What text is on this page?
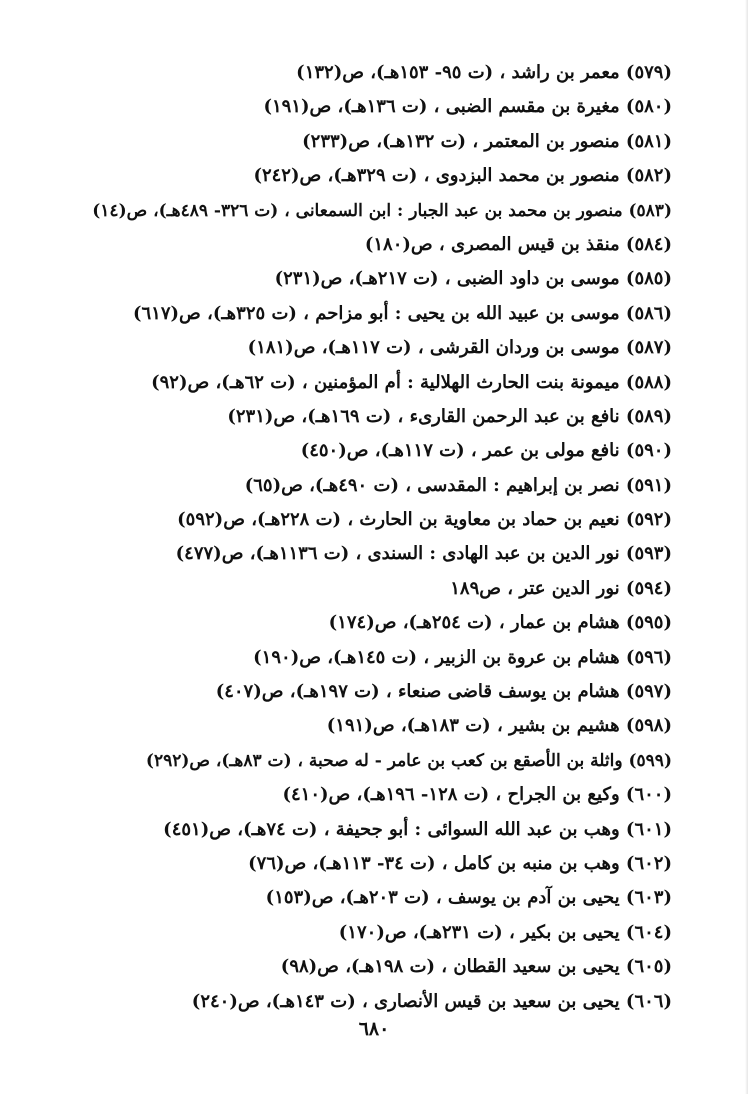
(٥٧٩) معمر بن راشد ، (ت ٩٥- ١٥٣هـ)، ص(١٣٢)
(٥٨٠) مغيرة بن مقسم الضبى ، (ت ١٣٦هـ)، ص(١٩١)
(٥٨١) منصور بن المعتمر ، (ت ١٣٢هـ)، ص(٢٣٣)
(٥٨٢) منصور بن محمد البزدوى ، (ت ٣٢٩هـ)، ص(٢٤٢)
(٥٨٣) منصور بن محمد بن عبد الجبار : ابن السمعانى ، (ت ٣٢٦- ٤٨٩هـ)، ص(١٤)
(٥٨٤) منقذ بن قيس المصرى ، ص(١٨٠)
(٥٨٥) موسى بن داود الضبى ، (ت ٢١٧هـ)، ص(٢٣١)
(٥٨٦) موسى بن عبيد الله بن يحيى : أبو مزاحم ، (ت ٣٢٥هـ)، ص(٦١٧)
(٥٨٧) موسى بن وردان القرشى ، (ت ١١٧هـ)، ص(١٨١)
(٥٨٨) ميمونة بنت الحارث الهلالية : أم المؤمنين ، (ت ٦٢هـ)، ص(٩٢)
(٥٨٩) نافع بن عبد الرحمن القارىء ، (ت ١٦٩هـ)، ص(٢٣١)
(٥٩٠) نافع مولى بن عمر ، (ت ١١٧هـ)، ص(٤٥٠)
(٥٩١) نصر بن إبراهيم : المقدسى ، (ت ٤٩٠هـ)، ص(٦٥)
(٥٩٢) نعيم بن حماد بن معاوية بن الحارث ، (ت ٢٢٨هـ)، ص(٥٩٢)
(٥٩٣) نور الدين بن عبد الهادى : السندى ، (ت ١١٣٦هـ)، ص(٤٧٧)
(٥٩٤) نور الدين عتر ، ص١٨٩
(٥٩٥) هشام بن عمار ، (ت ٢٥٤هـ)، ص(١٧٤)
(٥٩٦) هشام بن عروة بن الزبير ، (ت ١٤٥هـ)، ص(١٩٠)
(٥٩٧) هشام بن يوسف قاضى صنعاء ، (ت ١٩٧هـ)، ص(٤٠٧)
(٥٩٨) هشيم بن بشير ، (ت ١٨٣هـ)، ص(١٩١)
(٥٩٩) واثلة بن الأصقع بن كعب بن عامر - له صحبة ، (ت ٨٣هـ)، ص(٢٩٢)
(٦٠٠) وكيع بن الجراح ، (ت ١٢٨- ١٩٦هـ)، ص(٤١٠)
(٦٠١) وهب بن عبد الله السوائى : أبو جحيفة ، (ت ٧٤هـ)، ص(٤٥١)
(٦٠٢) وهب بن منبه بن كامل ، (ت ٣٤- ١١٣هـ)، ص(٧٦)
(٦٠٣) يحيى بن آدم بن يوسف ، (ت ٢٠٣هـ)، ص(١٥٣)
(٦٠٤) يحيى بن بكير ، (ت ٢٣١هـ)، ص(١٧٠)
(٦٠٥) يحيى بن سعيد القطان ، (ت ١٩٨هـ)، ص(٩٨)
(٦٠٦) يحيى بن سعيد بن قيس الأنصارى ، (ت ١٤٣هـ)، ص(٢٤٠)
٦٨٠
